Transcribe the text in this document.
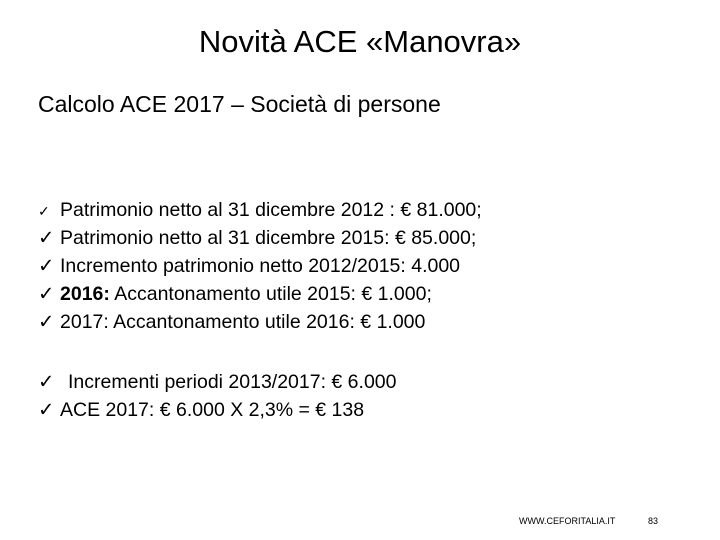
Novità ACE «Manovra»
Calcolo ACE 2017 – Società di persone
✓ Patrimonio netto al 31 dicembre 2012 : € 81.000;
✓ Patrimonio netto al 31 dicembre 2015: € 85.000;
✓ Incremento patrimonio netto 2012/2015: 4.000
✓ 2016: Accantonamento utile 2015: € 1.000;
✓ 2017: Accantonamento utile 2016: € 1.000
✓ Incrementi periodi 2013/2017: € 6.000
✓ ACE 2017: € 6.000 X 2,3% = € 138
WWW.CEFORITALIA.IT	83
